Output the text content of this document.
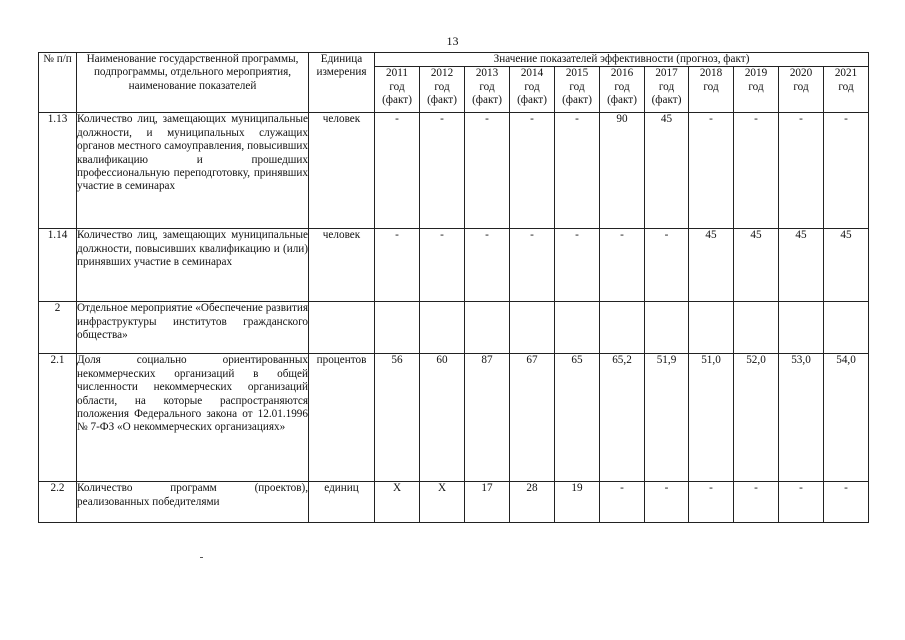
13
№ п/п	Наименование государственной программы, подпрограммы, отдельного мероприятия, наименование показателей	Единица измерения	Значение показателей эффективности (прогноз, факт)										

			2011
год
(факт)	2012
год
(факт)	2013
год
(факт)	2014
год
(факт)	2015
год
(факт)	2016
год
(факт)	2017
год
(факт)	2018
год	2019
год	2020
год	2021
год

1.13	Количество лиц, замещающих муниципальные должности, и муниципальных служащих органов местного самоуправления, повысивших квалификацию и прошедших профессиональную переподготовку, принявших участие в семинарах	человек	-	-	-	-	-	90	45	-	-	-	-
1.14	Количество лиц, замещающих муниципальные должности, повысивших квалификацию и (или) принявших участие в семинарах	человек	-	-	-	-	-	-	-	45	45	45	45
2	Отдельное мероприятие «Обеспечение развития инфраструктуры институтов гражданского общества»												
2.1	Доля социально ориентированных некоммерческих организаций в общей численности некоммерческих организаций области, на которые распространяются положения Федерального закона от 12.01.1996 № 7-ФЗ «О некоммерческих организациях»	процентов	56	60	87	67	65	65,2	51,9	51,0	52,0	53,0	54,0
2.2	Количество программ (проектов), реализованных победителями	единиц	X	X	17	28	19	-	-	-	-	-	-
